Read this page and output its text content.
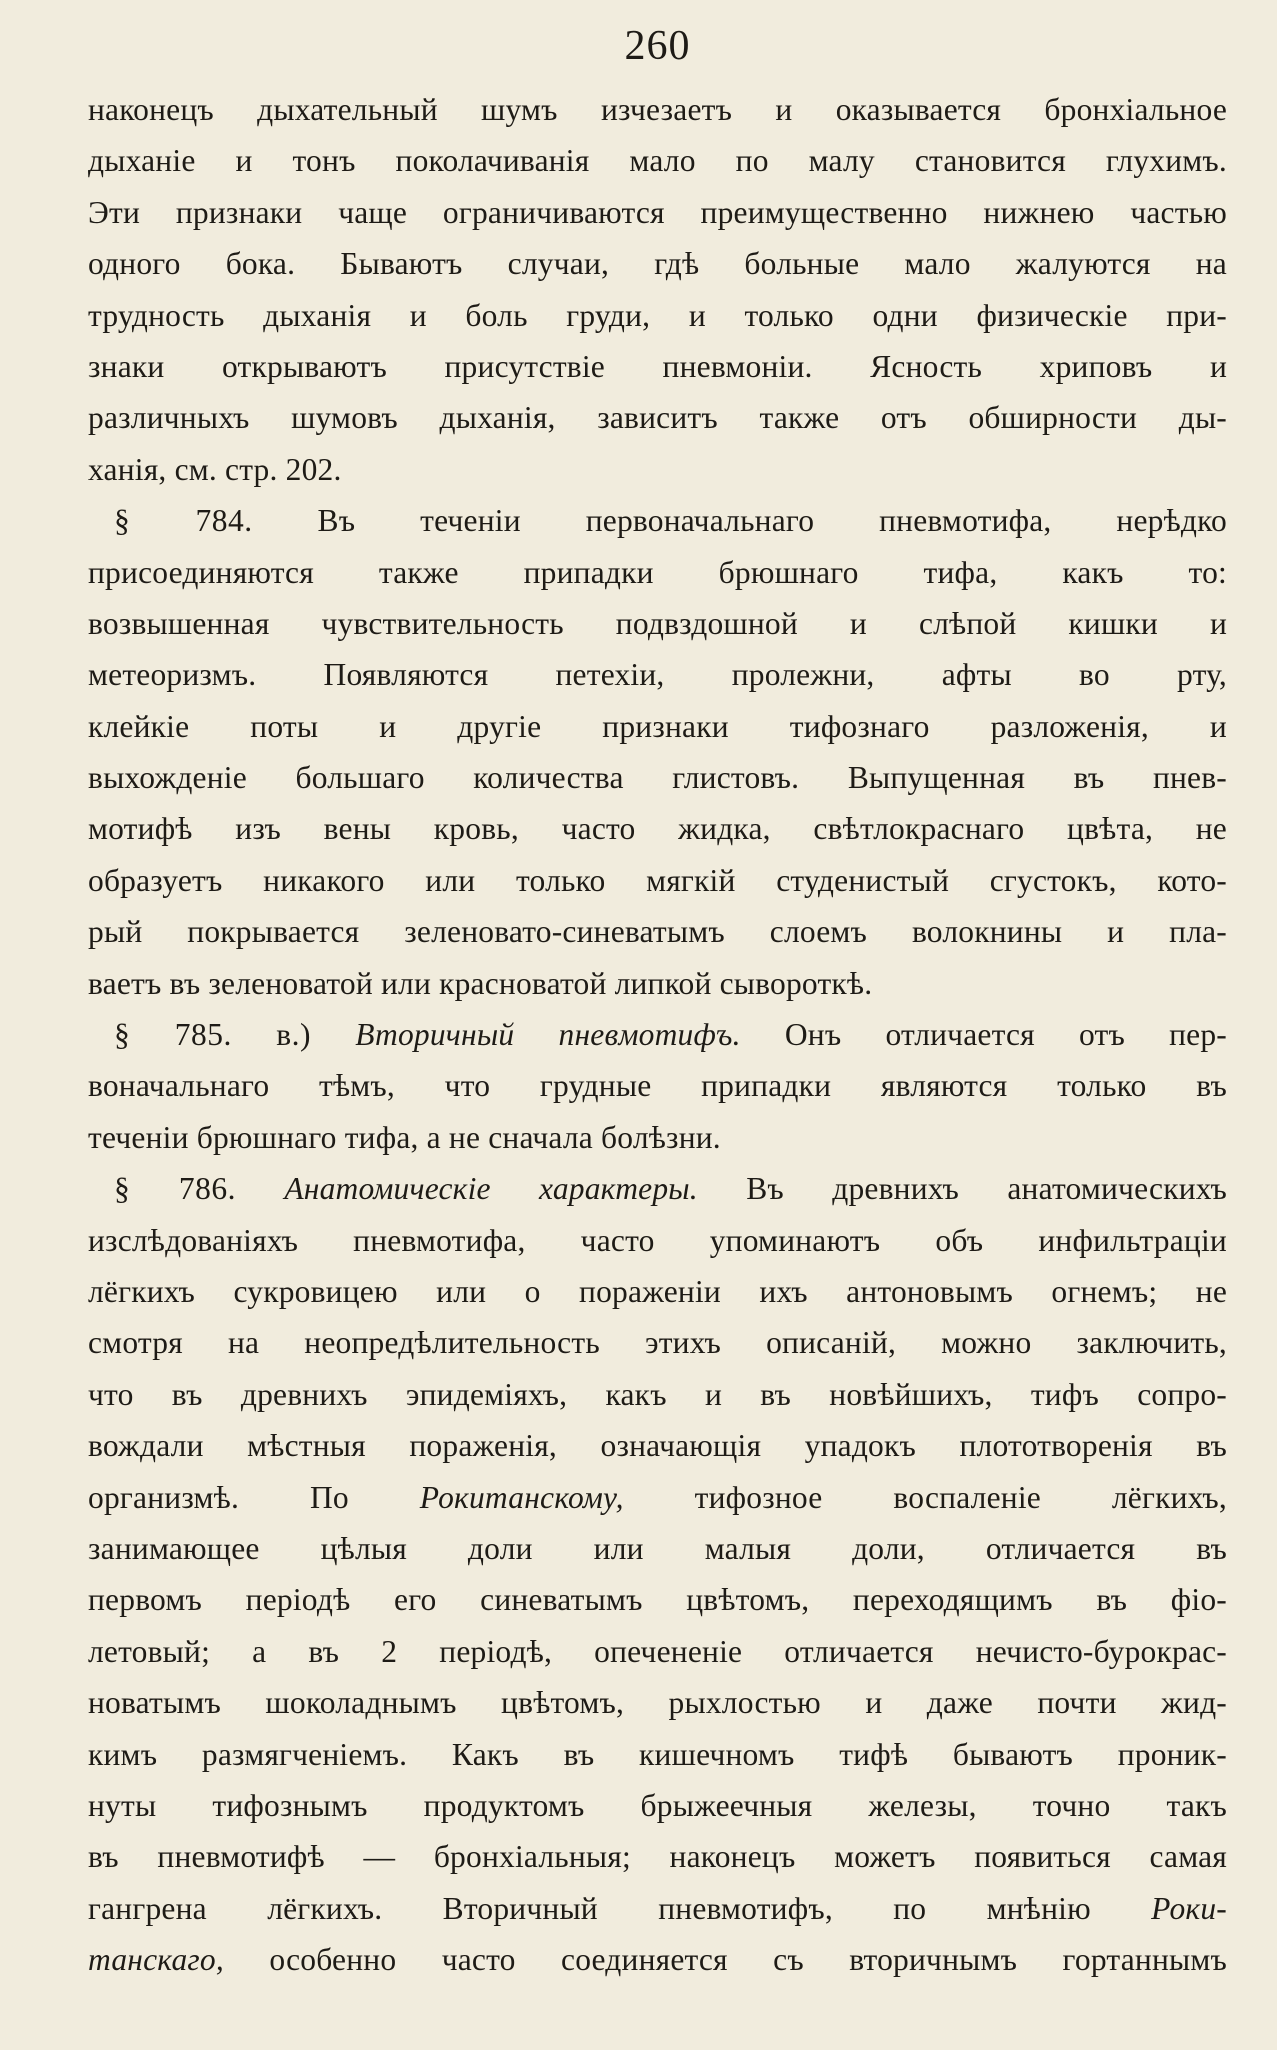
260
наконецъ дыхательный шумъ изчезаетъ и оказывается бронхіальное
дыханіе и тонъ поколачиванія мало по малу становится глухимъ.
Эти признаки чаще ограничиваются преимущественно нижнею частью
одного бока. Бываютъ случаи, гдѣ больные мало жалуются на
трудность дыханія и боль груди, и только одни физическіе при-
знаки открываютъ присутствіе пневмоніи. Ясность хриповъ и
различныхъ шумовъ дыханія, зависитъ также отъ обширности ды-
ханія, см. стр. 202.
§ 784. Въ теченіи первоначальнаго пневмотифа, нерѣдко
присоединяются также припадки брюшнаго тифа, какъ то:
возвышенная чувствительность подвздошной и слѣпой кишки и
метеоризмъ. Появляются петехіи, пролежни, афты во рту,
клейкіе поты и другіе признаки тифознаго разложенія, и
выхожденіе большаго количества глистовъ. Выпущенная въ пнев-
мотифѣ изъ вены кровь, часто жидка, свѣтлокраснаго цвѣта, не
образуетъ никакого или только мягкій студенистый сгустокъ, кото-
рый покрывается зеленовато-синеватымъ слоемъ волокнины и пла-
ваетъ въ зеленоватой или красноватой липкой сывороткѣ.
§ 785. в.) Вторичный пневмотифъ. Онъ отличается отъ пер-
воначальнаго тѣмъ, что грудные припадки являются только въ
теченіи брюшнаго тифа, а не сначала болѣзни.
§ 786. Анатомическіе характеры. Въ древнихъ анатомическихъ
изслѣдованіяхъ пневмотифа, часто упоминаютъ объ инфильтраціи
лёгкихъ сукровицею или о пораженіи ихъ антоновымъ огнемъ; не
смотря на неопредѣлительность этихъ описаній, можно заключить,
что въ древнихъ эпидеміяхъ, какъ и въ новѣйшихъ, тифъ сопро-
вождали мѣстныя пораженія, означающія упадокъ плототворенія въ
организмѣ. По Рокитанскому, тифозное воспаленіе лёгкихъ,
занимающее цѣлыя доли или малыя доли, отличается въ
первомъ періодѣ его синеватымъ цвѣтомъ, переходящимъ въ фіо-
летовый; а въ 2 періодѣ, опечененіе отличается нечисто-бурокрас-
новатымъ шоколаднымъ цвѣтомъ, рыхлостью и даже почти жид-
кимъ размягченіемъ. Какъ въ кишечномъ тифѣ бываютъ проник-
нуты тифознымъ продуктомъ брыжеечныя железы, точно такъ
въ пневмотифѣ — бронхіальныя; наконецъ можетъ появиться самая
гангрена лёгкихъ. Вторичный пневмотифъ, по мнѣнію Роки-
танскаго, особенно часто соединяется съ вторичнымъ гортаннымъ
